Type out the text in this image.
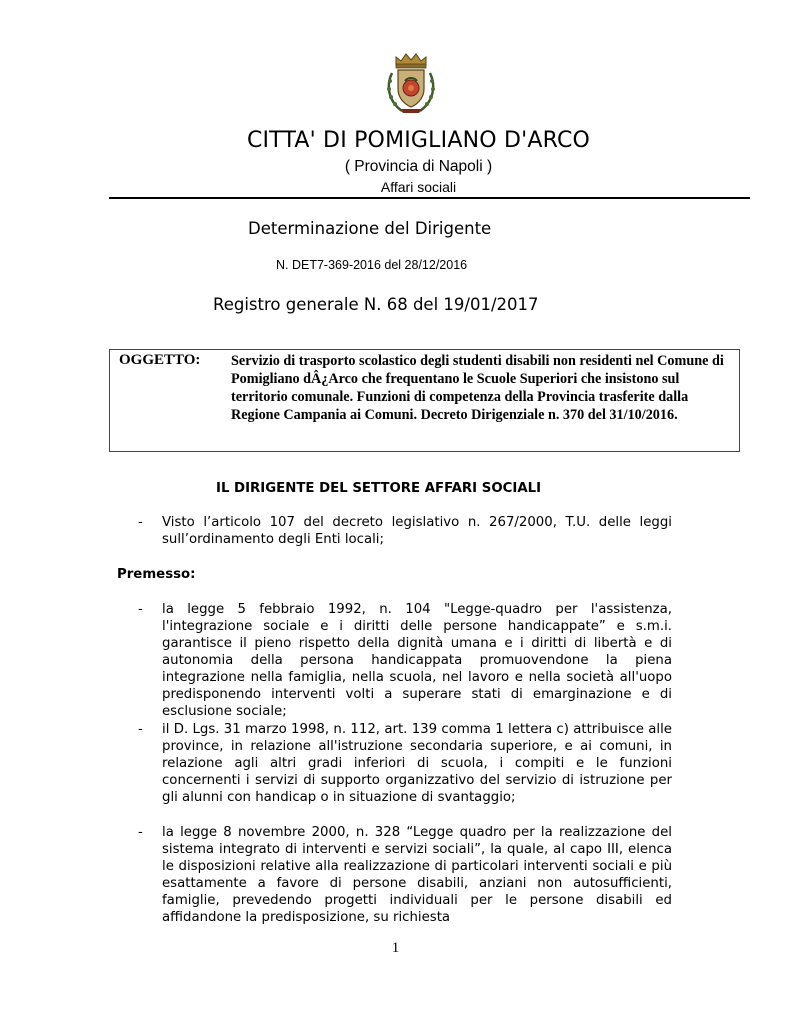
CITTA' DI POMIGLIANO D'ARCO
( Provincia di Napoli )
Affari sociali
Determinazione del Dirigente
N. DET7-369-2016 del 28/12/2016
Registro generale N. 68 del 19/01/2017
OGGETTO: Servizio di trasporto scolastico degli studenti disabili non residenti nel Comune di Pomigliano dÂ¿Arco che frequentano le Scuole Superiori che insistono sul territorio comunale. Funzioni di competenza della Provincia trasferite dalla Regione Campania ai Comuni. Decreto Dirigenziale n. 370 del 31/10/2016.
IL DIRIGENTE DEL SETTORE AFFARI SOCIALI
- Visto l’articolo 107 del decreto legislativo n. 267/2000, T.U. delle leggi sull’ordinamento degli Enti locali;
Premesso:
- la legge 5 febbraio 1992, n. 104 "Legge-quadro per l'assistenza, l'integrazione sociale e i diritti delle persone handicappate” e s.m.i. garantisce il pieno rispetto della dignità umana e i diritti di libertà e di autonomia della persona handicappata promuovendone la piena integrazione nella famiglia, nella scuola, nel lavoro e nella società all'uopo predisponendo interventi volti a superare stati di emarginazione e di esclusione sociale;
- il D. Lgs. 31 marzo 1998, n. 112, art. 139 comma 1 lettera c) attribuisce alle province, in relazione all'istruzione secondaria superiore, e ai comuni, in relazione agli altri gradi inferiori di scuola, i compiti e le funzioni concernenti i servizi di supporto organizzativo del servizio di istruzione per gli alunni con handicap o in situazione di svantaggio;
- la legge 8 novembre 2000, n. 328 “Legge quadro per la realizzazione del sistema integrato di interventi e servizi sociali”, la quale, al capo III, elenca le disposizioni relative alla realizzazione di particolari interventi sociali e più esattamente a favore di persone disabili, anziani non autosufficienti, famiglie, prevedendo progetti individuali per le persone disabili ed affidandone la predisposizione, su richiesta
1
